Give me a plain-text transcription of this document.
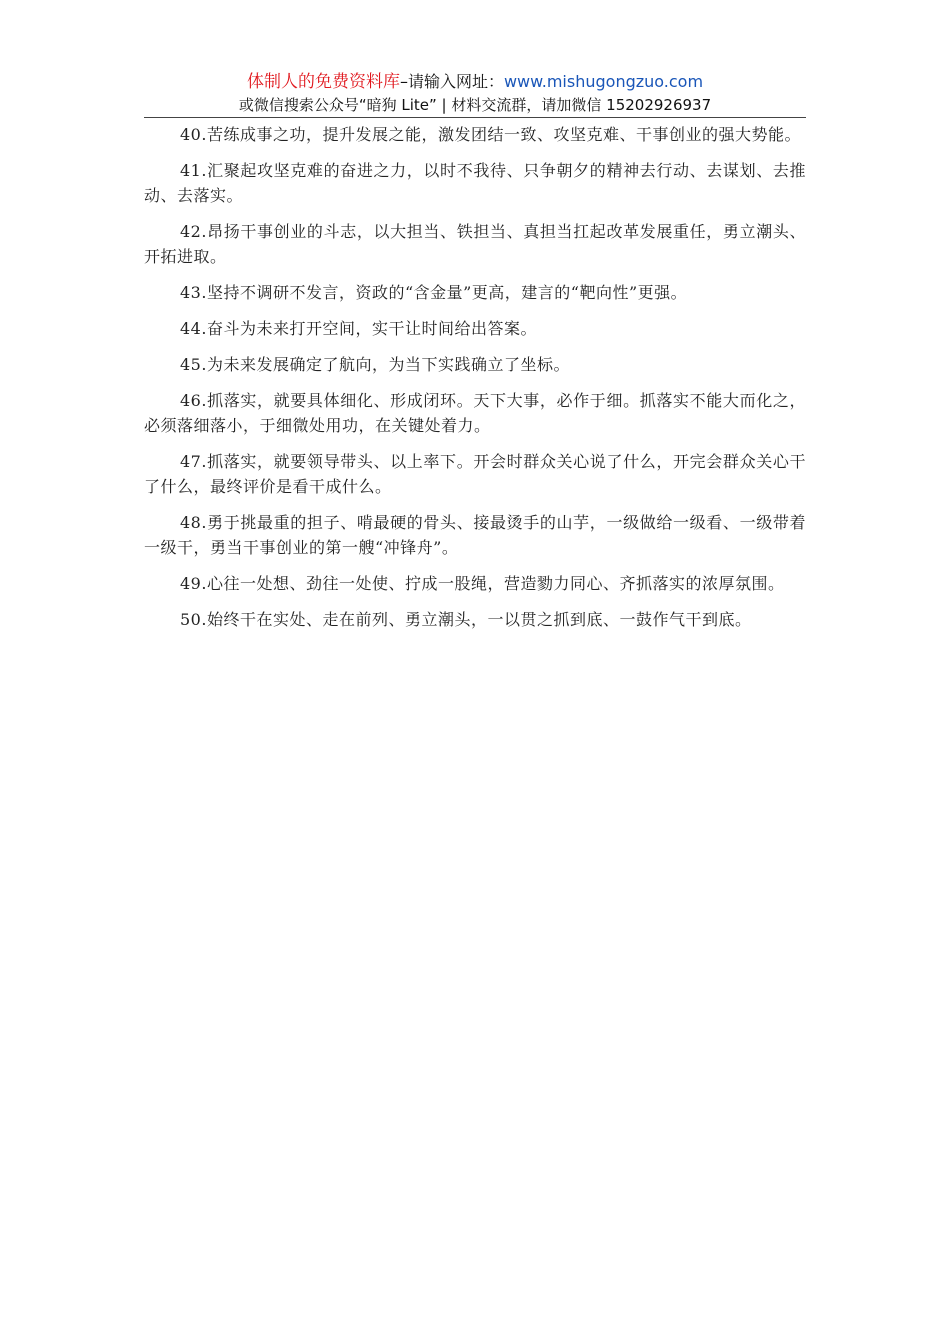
体制人的免费资料库–请输入网址：www.mishugongzuo.com
或微信搜索公众号“暗狗 Lite” | 材料交流群，请加微信 15202926937

40.苦练成事之功，提升发展之能，激发团结一致、攻坚克难、干事创业的强大势能。

41.汇聚起攻坚克难的奋进之力，以时不我待、只争朝夕的精神去行动、去谋划、去推动、去落实。

42.昂扬干事创业的斗志，以大担当、铁担当、真担当扛起改革发展重任，勇立潮头、开拓进取。

43.坚持不调研不发言，资政的“含金量”更高，建言的“靶向性”更强。

44.奋斗为未来打开空间，实干让时间给出答案。

45.为未来发展确定了航向，为当下实践确立了坐标。

46.抓落实，就要具体细化、形成闭环。天下大事，必作于细。抓落实不能大而化之，必须落细落小，于细微处用功，在关键处着力。

47.抓落实，就要领导带头、以上率下。开会时群众关心说了什么，开完会群众关心干了什么，最终评价是看干成什么。

48.勇于挑最重的担子、啃最硬的骨头、接最烫手的山芋，一级做给一级看、一级带着一级干，勇当干事创业的第一艘“冲锋舟”。

49.心往一处想、劲往一处使、拧成一股绳，营造勠力同心、齐抓落实的浓厚氛围。

50.始终干在实处、走在前列、勇立潮头，一以贯之抓到底、一鼓作气干到底。
